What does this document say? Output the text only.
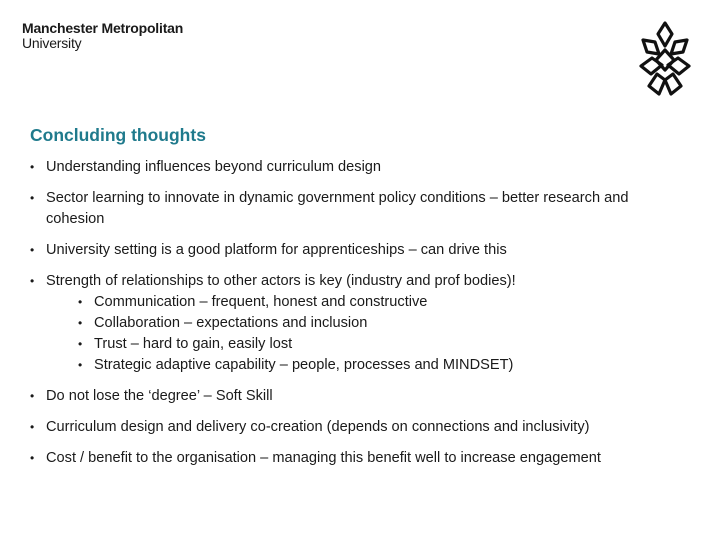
Manchester Metropolitan
University
Concluding thoughts
• Understanding influences beyond curriculum design
• Sector learning to innovate in dynamic government policy conditions – better research and cohesion
• University setting is a good platform for apprenticeships – can drive this
• Strength of relationships to other actors is key (industry and prof bodies)!
• Communication – frequent, honest and constructive
• Collaboration – expectations and inclusion
• Trust – hard to gain, easily lost
• Strategic adaptive capability – people, processes and MINDSET)
• Do not lose the ‘degree’ – Soft Skill
• Curriculum design and delivery co-creation (depends on connections and inclusivity)
• Cost / benefit to the organisation – managing this benefit well to increase engagement
